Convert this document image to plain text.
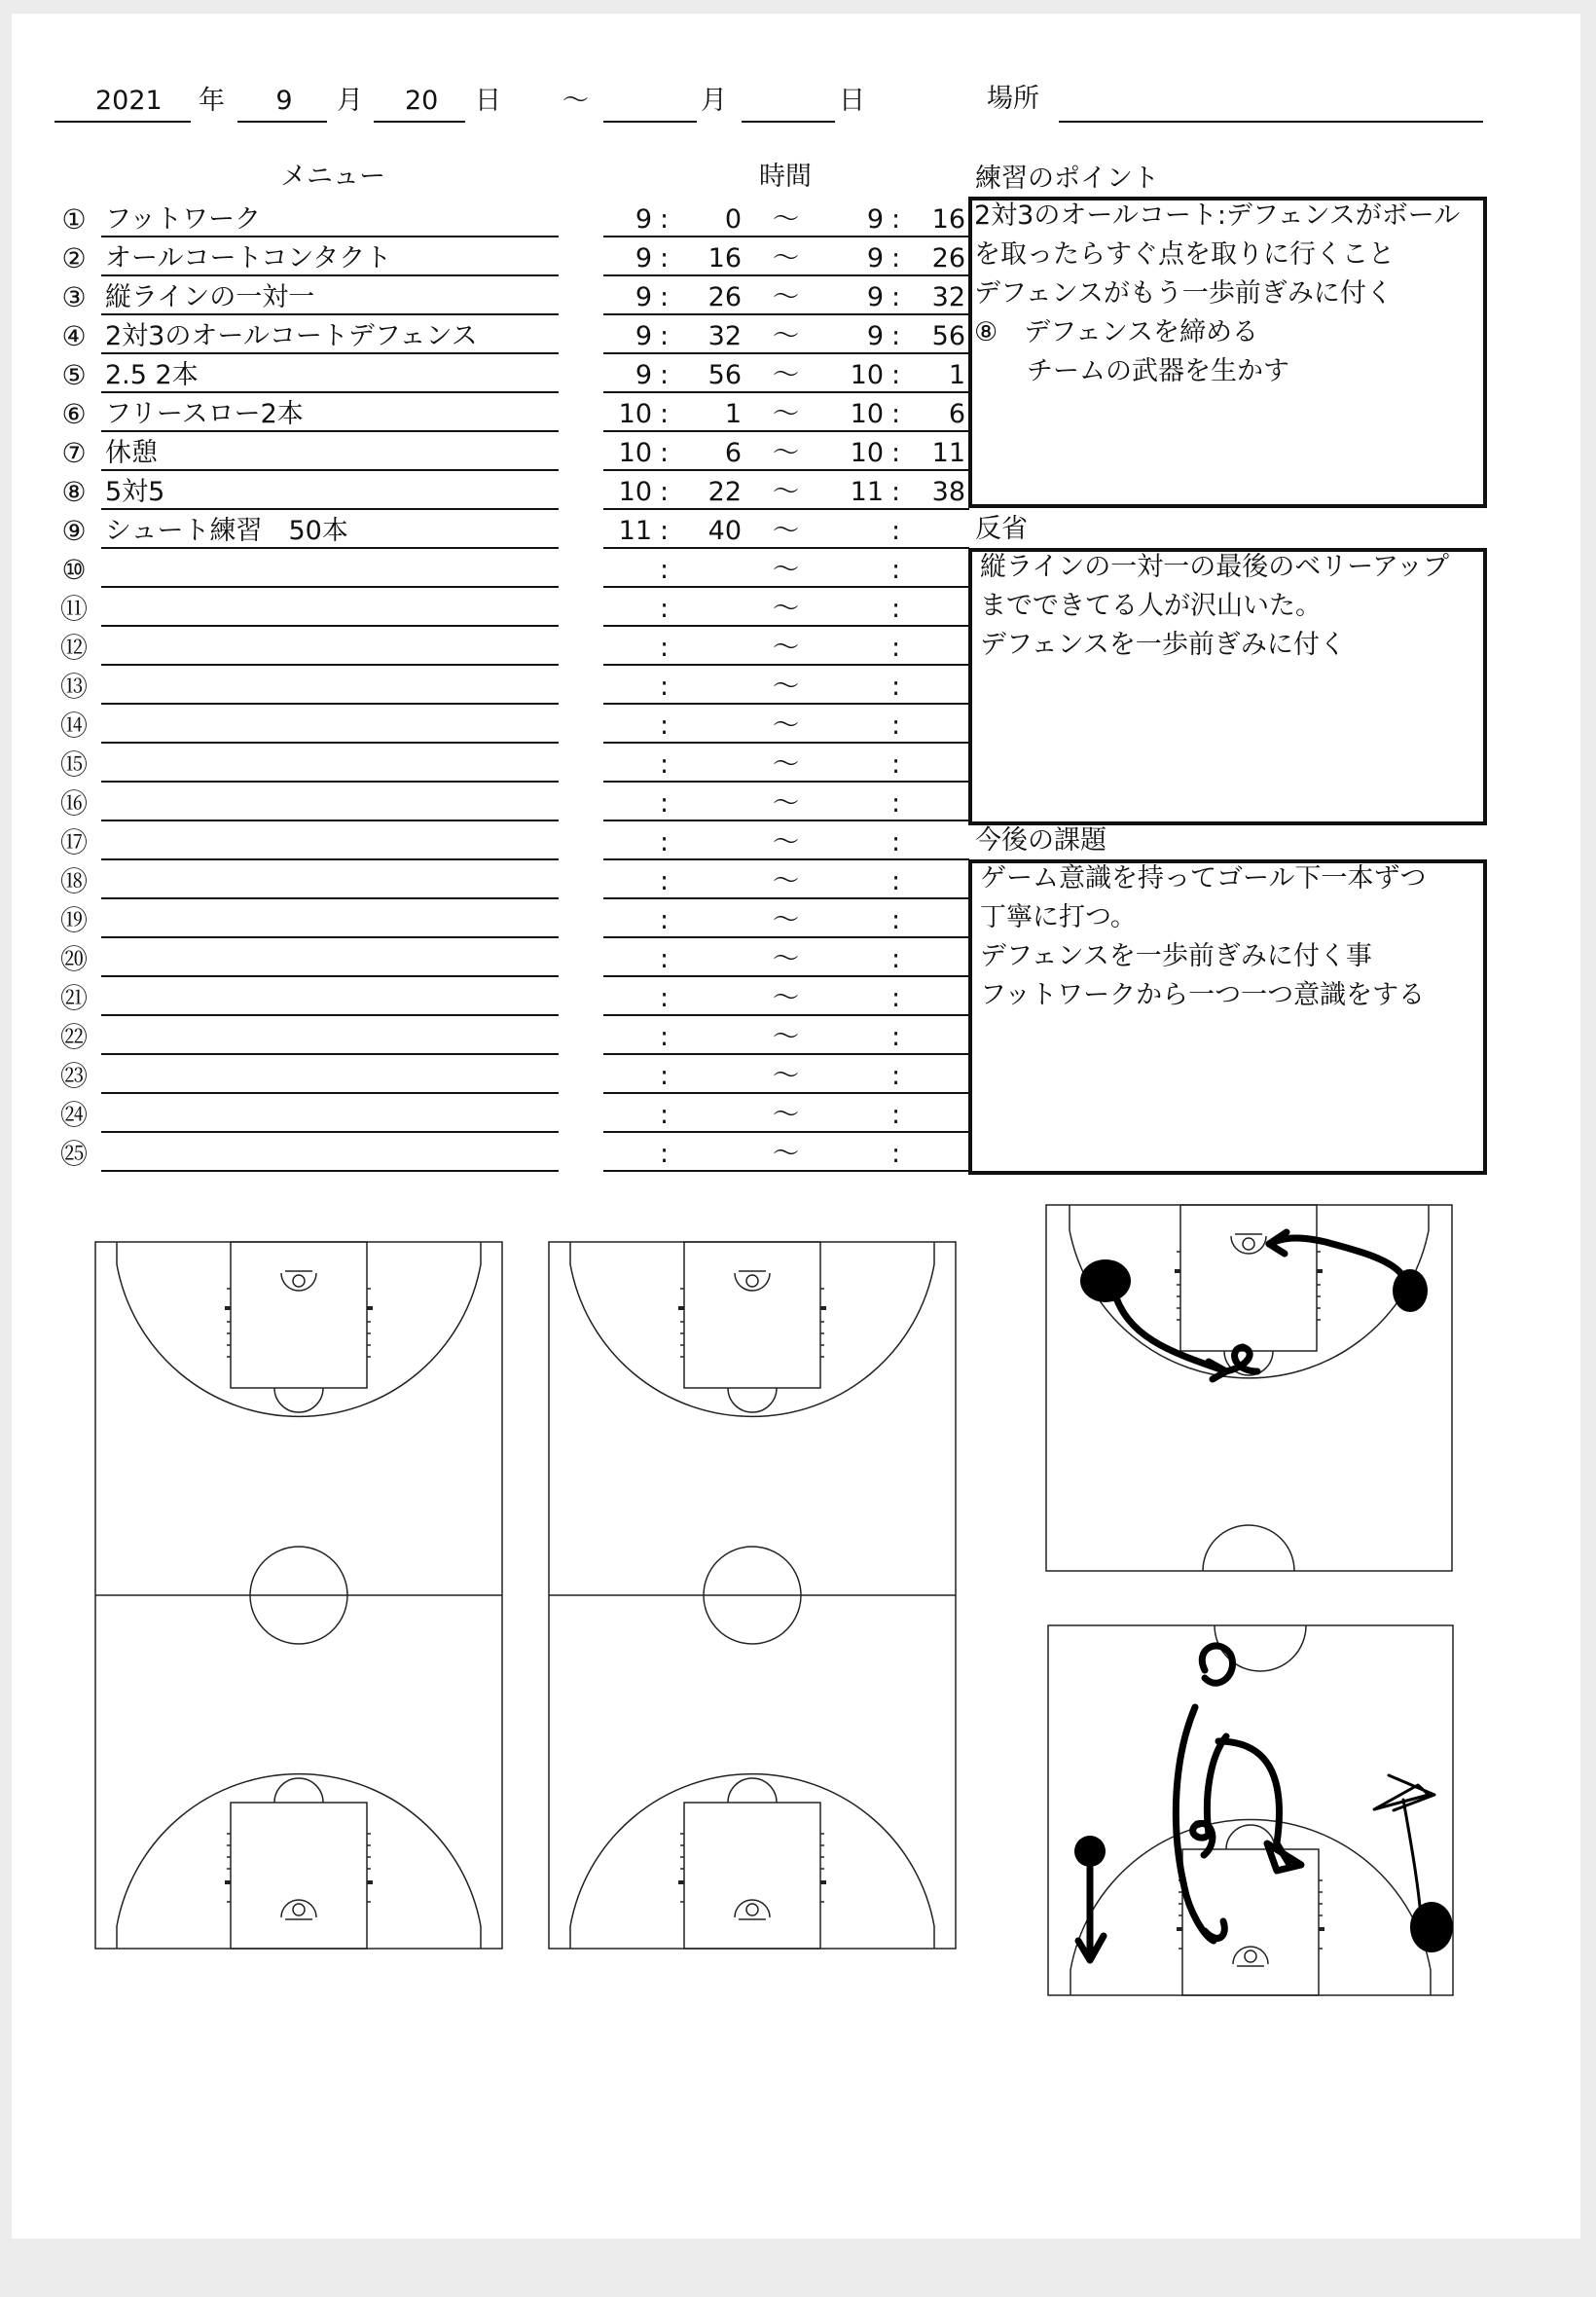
2021 年 9 月 20 日 ～	月	日	場所
メニュー	時間	練習のポイント
① フットワーク	9 :	0 ～	9 :	16
② オールコートコンタクト	9 :	16 ～	9 :	26
③ 縦ラインの一対一	9 :	26 ～	9 :	32
④ 2対3のオールコートデフェンス	9 :	32 ～	9 :	56
⑤ 2.5 2本	9 :	56 ～	10 :	1
⑥ フリースロー2本	10 :	1 ～	10 :	6
⑦ 休憩	10 :	6 ～	10 :	11
⑧ 5対5	10 :	22 ～	11 :	38
⑨ シュート練習　50本	11 :	40 ～	:
⑩	:	～	:
⑪	:	～	:
⑫	:	～	:
⑬	:	～	:
⑭	:	～	:
⑮	:	～	:
⑯	:	～	:
⑰	:	～	:
⑱	:	～	:
⑲	:	～	:
⑳	:	～	:
㉑	:	～	:
㉒	:	～	:
㉓	:	～	:
㉔	:	～	:
㉕	:	～	:
2対3のオールコート:デフェンスがボール
を取ったらすぐ点を取りに行くこと
デフェンスがもう一歩前ぎみに付く
⑧　デフェンスを締める
　　チームの武器を生かす
反省
縦ラインの一対一の最後のベリーアップ
までできてる人が沢山いた。
デフェンスを一歩前ぎみに付く
今後の課題
ゲーム意識を持ってゴール下一本ずつ
丁寧に打つ。
デフェンスを一歩前ぎみに付く事
フットワークから一つ一つ意識をする
